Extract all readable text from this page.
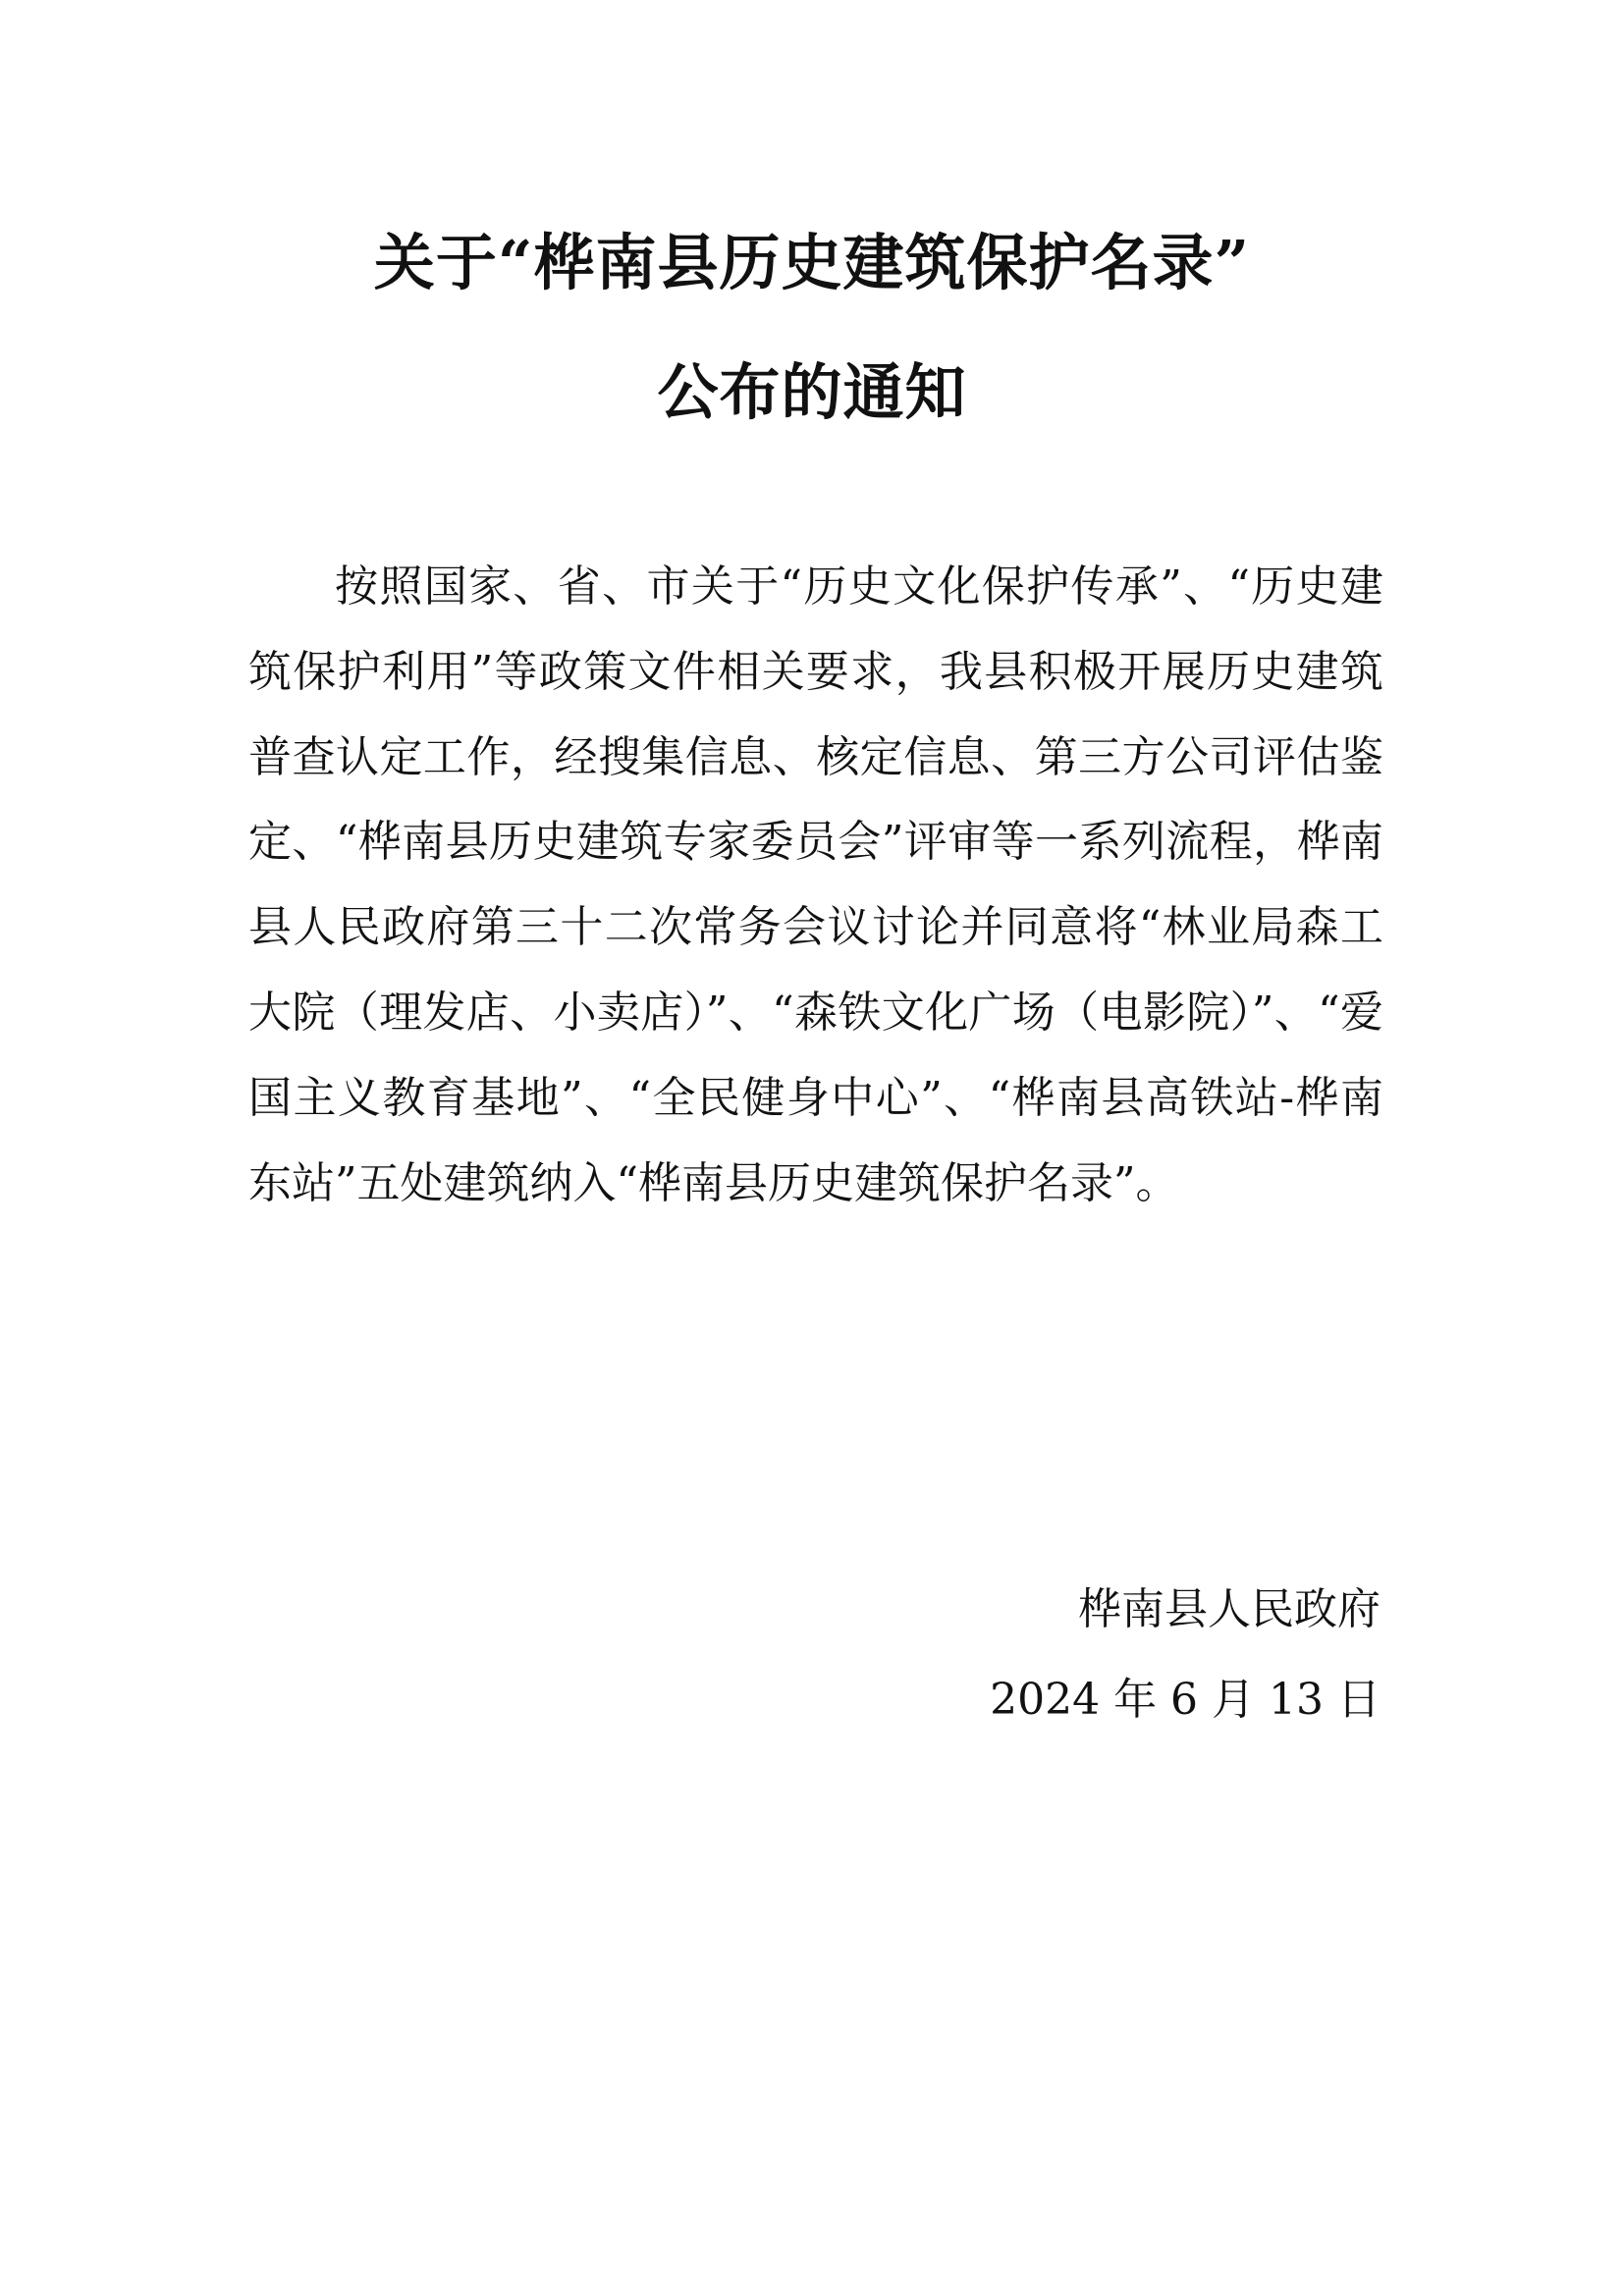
关于“桦南县历史建筑保护名录”
公布的通知

按照国家、省、市关于“历史文化保护传承”、“历史建筑保护利用”等政策文件相关要求，我县积极开展历史建筑普查认定工作，经搜集信息、核定信息、第三方公司评估鉴定、“桦南县历史建筑专家委员会”评审等一系列流程，桦南县人民政府第三十二次常务会议讨论并同意将“林业局森工大院（理发店、小卖店）”、“森铁文化广场（电影院）”、“爱国主义教育基地”、“全民健身中心”、“桦南县高铁站-桦南东站”五处建筑纳入“桦南县历史建筑保护名录”。

桦南县人民政府
2024 年 6 月 13 日
